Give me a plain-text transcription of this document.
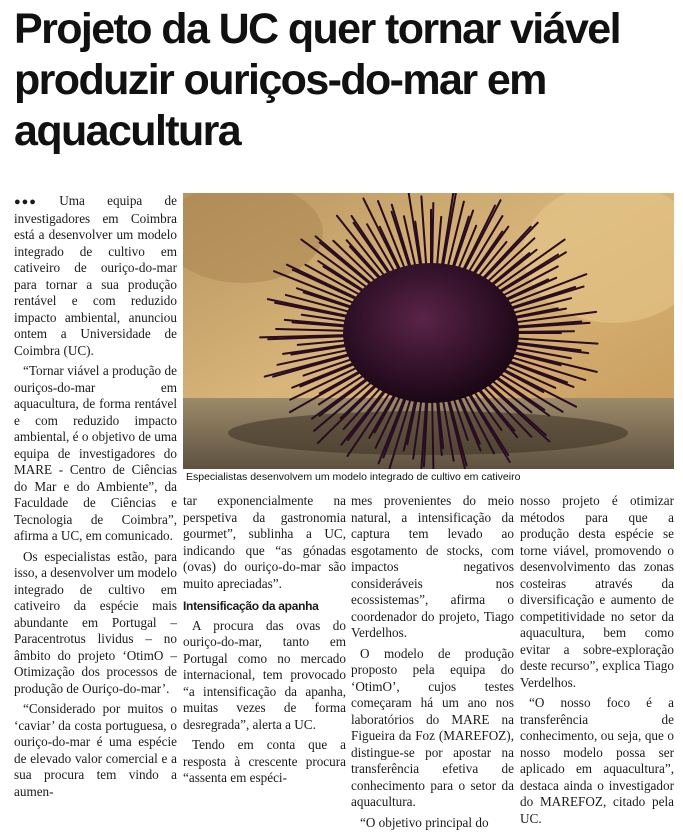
Projeto da UC quer tornar viável produzir ouriços-do-mar em aquacultura

●●● Uma equipa de investigadores em Coimbra está a desenvolver um modelo integrado de cultivo em cativeiro de ouriço-do-mar para tornar a sua produção rentável e com reduzido impacto ambiental, anunciou ontem a Universidade de Coimbra (UC).

“Tornar viável a produção de ouriços-do-mar em aquacultura, de forma rentável e com reduzido impacto ambiental, é o objetivo de uma equipa de investigadores do MARE - Centro de Ciências do Mar e do Ambiente”, da Faculdade de Ciências e Tecnologia de Coimbra”, afirma a UC, em comunicado.

Os especialistas estão, para isso, a desenvolver um modelo integrado de cultivo em cativeiro da espécie mais abundante em Portugal – Paracentrotus lividus – no âmbito do projeto ‘OtimO – Otimização dos processos de produção de Ouriço-do-mar’.

“Considerado por muitos o ‘caviar’ da costa portuguesa, o ouriço-do-mar é uma espécie de elevado valor comercial e a sua procura tem vindo a aumen-

Especialistas desenvolvem um modelo integrado de cultivo em cativeiro

tar exponencialmente na perspetiva da gastronomia gourmet”, sublinha a UC, indicando que “as gónadas (ovas) do ouriço-do-mar são muito apreciadas”.

Intensificação da apanha

A procura das ovas do ouriço-do-mar, tanto em Portugal como no mercado internacional, tem provocado “a intensificação da apanha, muitas vezes de forma desregrada”, alerta a UC.

Tendo em conta que a resposta à crescente procura “assenta em espéci-

mes provenientes do meio natural, a intensificação da captura tem levado ao esgotamento de stocks, com impactos negativos consideráveis nos ecossistemas”, afirma o coordenador do projeto, Tiago Verdelhos.

O modelo de produção proposto pela equipa do ‘OtimO’, cujos testes começaram há um ano nos laboratórios do MARE na Figueira da Foz (MAREFOZ), distingue-se por apostar na transferência efetiva de conhecimento para o setor da aquacultura.

“O objetivo principal do

nosso projeto é otimizar métodos para que a produção desta espécie se torne viável, promovendo o desenvolvimento das zonas costeiras através da diversificação e aumento de competitividade no setor da aquacultura, bem como evitar a sobre-exploração deste recurso”, explica Tiago Verdelhos.

“O nosso foco é a transferência de conhecimento, ou seja, que o nosso modelo possa ser aplicado em aquacultura”, destaca ainda o investigador do MAREFOZ, citado pela UC.
